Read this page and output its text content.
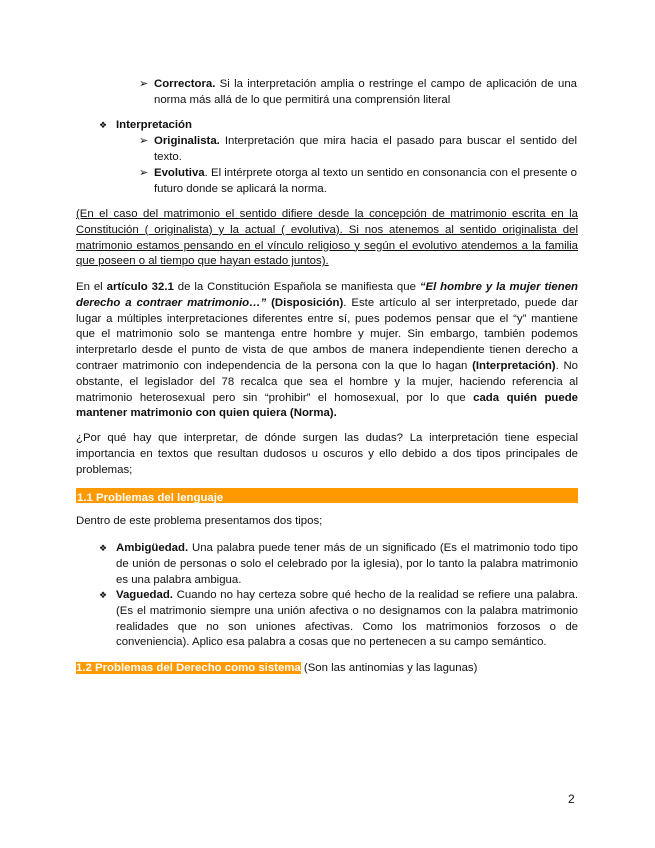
➢ Correctora. Si la interpretación amplia o restringe el campo de aplicación de una norma más allá de lo que permitirá una comprensión literal
❖ Interpretación
➢ Originalista. Interpretación que mira hacia el pasado para buscar el sentido del texto.
➢ Evolutiva. El intérprete otorga al texto un sentido en consonancia con el presente o futuro donde se aplicará la norma.
(En el caso del matrimonio el sentido difiere desde la concepción de matrimonio escrita en la Constitución ( originalista) y la actual ( evolutiva). Si nos atenemos al sentido originalista del matrimonio estamos pensando en el vínculo religioso y según el evolutivo atendemos a la familia que poseen o al tiempo que hayan estado juntos).
En el artículo 32.1 de la Constitución Española se manifiesta que “El hombre y la mujer tienen derecho a contraer matrimonio…” (Disposición). Este artículo al ser interpretado, puede dar lugar a múltiples interpretaciones diferentes entre sí, pues podemos pensar que el “y” mantiene que el matrimonio solo se mantenga entre hombre y mujer. Sin embargo, también podemos interpretarlo desde el punto de vista de que ambos de manera independiente tienen derecho a contraer matrimonio con independencia de la persona con la que lo hagan (Interpretación). No obstante, el legislador del 78 recalca que sea el hombre y la mujer, haciendo referencia al matrimonio heterosexual pero sin “prohibir” el homosexual, por lo que cada quién puede mantener matrimonio con quien quiera (Norma).
¿Por qué hay que interpretar, de dónde surgen las dudas? La interpretación tiene especial importancia en textos que resultan dudosos u oscuros y ello debido a dos tipos principales de problemas;
1.1 Problemas del lenguaje
Dentro de este problema presentamos dos tipos;
❖ Ambigüedad. Una palabra puede tener más de un significado (Es el matrimonio todo tipo de unión de personas o solo el celebrado por la iglesia), por lo tanto la palabra matrimonio es una palabra ambigua.
❖ Vaguedad. Cuando no hay certeza sobre qué hecho de la realidad se refiere una palabra. (Es el matrimonio siempre una unión afectiva o no designamos con la palabra matrimonio realidades que no son uniones afectivas. Como los matrimonios forzosos o de conveniencia). Aplico esa palabra a cosas que no pertenecen a su campo semántico.
1.2 Problemas del Derecho como sistema (Son las antinomias y las lagunas)
2
